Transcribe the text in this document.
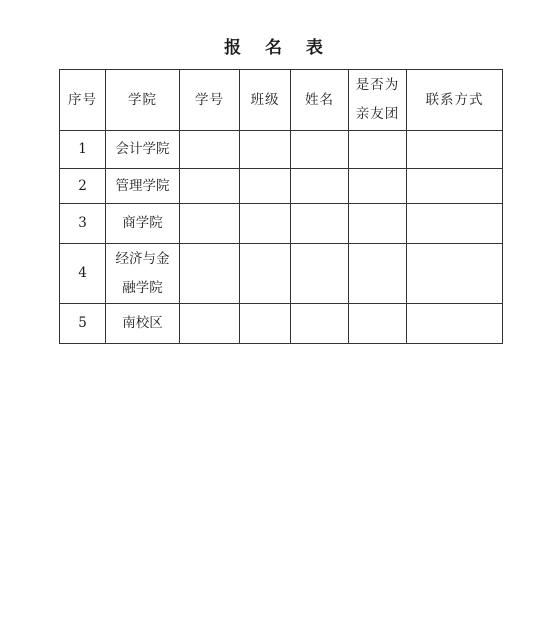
报 名 表
序号	学院	学号	班级	姓名	是否为亲友团	联系方式
1	会计学院					
2	管理学院					
3	商学院					
4	经济与金融学院					
5	南校区					
